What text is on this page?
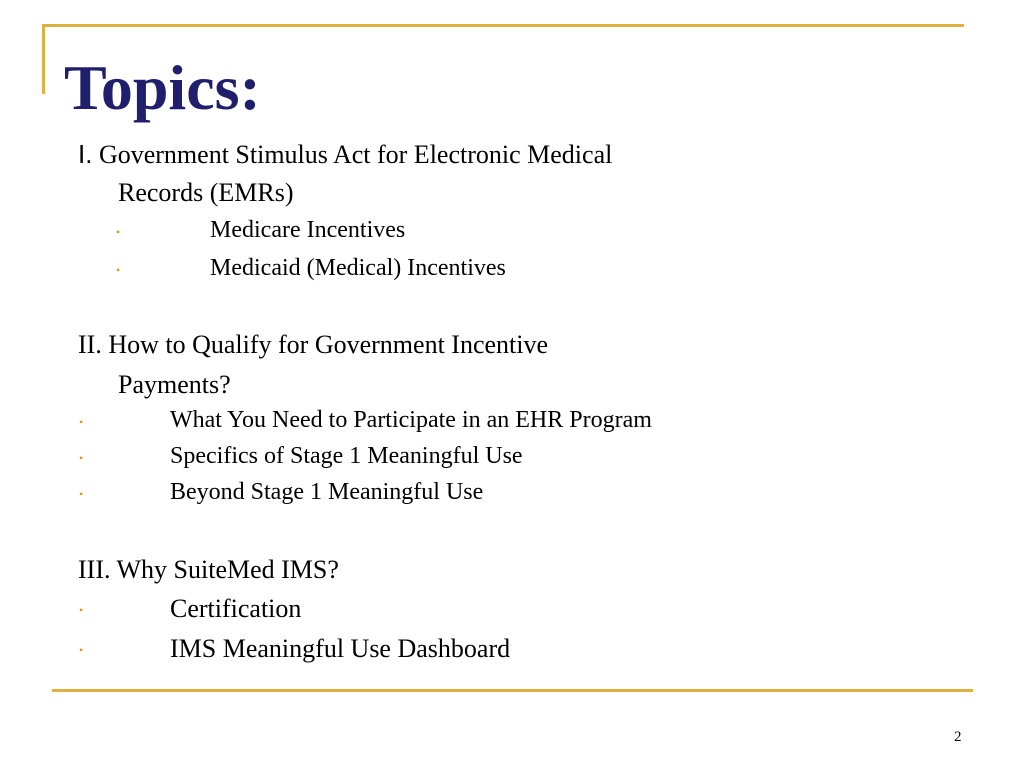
Topics:
I. Government Stimulus Act for Electronic Medical
Records (EMRs)
•	Medicare Incentives
•	Medicaid (Medical) Incentives
II. How to Qualify for Government Incentive
Payments?
•	What You Need to Participate in an EHR Program
•	Specifics of Stage 1 Meaningful Use
•	Beyond Stage 1 Meaningful Use
III. Why SuiteMed IMS?
•	Certification
•	IMS Meaningful Use Dashboard
2
